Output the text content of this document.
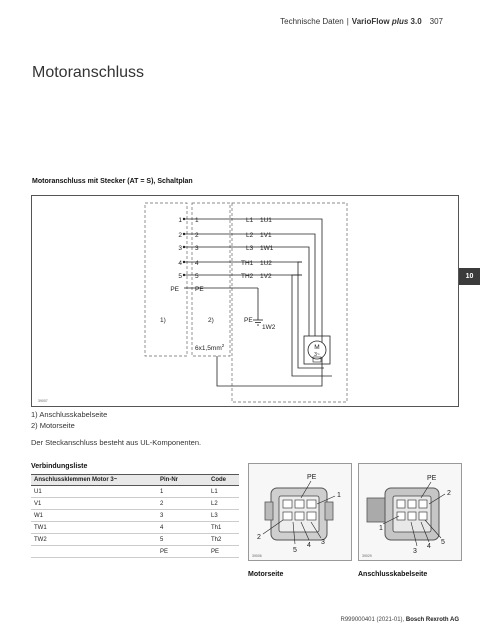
Technische Daten | VarioFlow plus 3.0 307
Motoranschluss
Motoranschluss mit Stecker (AT = S), Schaltplan
10
1
2
3
4
5
PE
1
2
3
4
5
PE
L1 1U1
L2 1V1
L3 1W1
TH1 1U2
TH2 1V2
PE
1W2
1)	2)
$6x1,5mm^2$	M
3~
39007
1) Anschlusskabelseite
2) Motorseite
Der Steckanschluss besteht aus UL-Komponenten.
Verbindungsliste
Anschlussklemmen Motor 3~	Pin-Nr	Code
U1	1	L1
V1	2	L2
W1	3	L3
TW1	4	Th1
TW2	5	Th2
	PE	PE
PE
1
2
5
4 3
39006
PE
2
1
3
4
5
39029
Motorseite	Anschlusskabelseite
R999000401 (2021-01), Bosch Rexroth AG
